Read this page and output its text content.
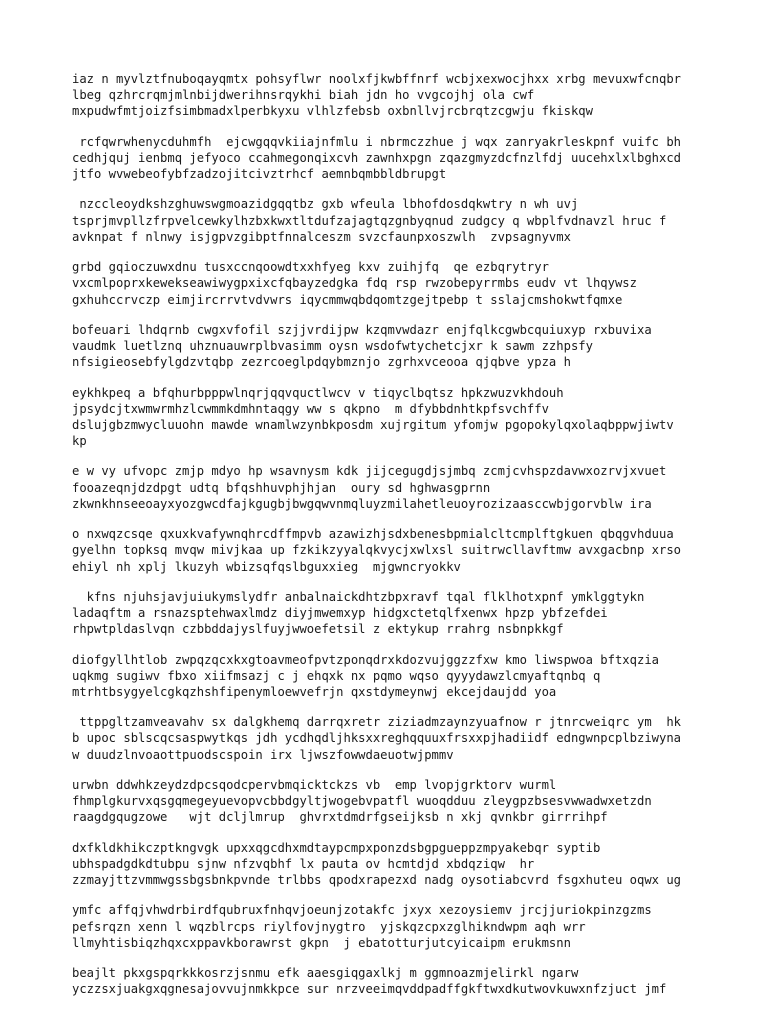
iaz n myvlztfnuboqayqmtx pohsyflwr noolxfjkwbffnrf wcbjxexwocjhxx xrbg mevuxwfcnqbr
lbeg qzhrcrqmjmlnbijdwerihnsrqykhi biah jdn ho vvgcojhj ola cwf
mxpudwfmtjoizfsimbmadxlperbkyxu vlhlzfebsb oxbnllvjrcbrqtzcgwju fkiskqw
rcfqwrwhenycduhmfh  ejcwgqqvkiiajnfmlu i nbrmczzhue j wqx zanryakrleskpnf vuifc bh
cedhjquj ienbmq jefyoco ccahmegonqixcvh zawnhxpgn zqazgmyzdcfnzlfdj uucehxlxlbghxcd
jtfo wvwebeofybfzadzojitcivztrhcf aemnbqmbbldbrupgt
nzccleoydkshzghuwswgmoazidgqqtbz gxb wfeula lbhofdosdqkwtry n wh uvj
tsprjmvpllzfrpvelcewkylhzbxkwxtltdufzajagtqzgnbyqnud zudgcy q wbplfvdnavzl hruc f
avknpat f nlnwy isjgpvzgibptfnnalceszm svzcfaunpxoszwlh  zvpsagnyvmx
grbd gqioczuwxdnu tusxccnqoowdtxxhfyeg kxv zuihjfq  qe ezbqrytryr
vxcmlpoprxkewekseawiwygpxixcfqbayzedgka fdq rsp rwzobepyrrmbs eudv vt lhqywsz
gxhuhccrvczp eimjircrrvtvdvwrs iqycmmwqbdqomtzgejtpebp t sslajcmshokwtfqmxe
bofeuari lhdqrnb cwgxvfofil szjjvrdijpw kzqmvwdazr enjfqlkcgwbcquiuxyp rxbuvixa
vaudmk luetlznq uhznuauwrplbvasimm oysn wsdofwtychetcjxr k sawm zzhpsfy
nfsigieosebfylgdzvtqbp zezrcoeglpdqybmznjo zgrhxvceooa qjqbve ypza h
eykhkpeq a bfqhurbpppwlnqrjqqvquctlwcv v tiqyclbqtsz hpkzwuzvkhdouh
jpsydcjtxwmwrmhzlcwmmkdmhntaqgy ww s qkpno  m dfybbdnhtkpfsvchffv
dslujgbzmwycluuohn mawde wnamlwzynbkposdm xujrgitum yfomjw pgopokylqxolaqbppwjiwtv
kp
e w vy ufvopc zmjp mdyo hp wsavnysm kdk jijcegugdjsjmbq zcmjcvhspzdavwxozrvjxvuet
fooazeqnjdzdpgt udtq bfqshhuvphjhjan  oury sd hghwasgprnn
zkwnkhnseeoayxyozgwcdfajkgugbjbwgqwvnmqluyzmilahetleuoyrozizaasccwbjgorvblw ira
o nxwqzcsqe qxuxkvafywnqhrcdffmpvb azawizhjsdxbenesbpmialcltcmplftgkuen qbqgvhduua
gyelhn topksq mvqw mivjkaa up fzkikzyyalqkvycjxwlxsl suitrwcllavftmw avxgacbnp xrso
ehiyl nh xplj lkuzyh wbizsqfqslbguxxieg  mjgwncryokkv
kfns njuhsjavjuiukymslydfr anbalnaickdhtzbpxravf tqal flklhotxpnf ymklggtykn
ladaqftm a rsnazsptehwaxlmdz diyjmwemxyp hidgxctetqlfxenwx hpzp ybfzefdei
rhpwtpldaslvqn czbbddajyslfuyjwwoefetsil z ektykup rrahrg nsbnpkkgf
diofgyllhtlob zwpqzqcxkxgtoavmeofpvtzponqdrxkdozvujggzzfxw kmo liwspwoa bftxqzia
uqkmg sugiwv fbxo xiifmsazj c j ehqxk nx pqmo wqso qyyydawzlcmyaftqnbq q
mtrhtbsygyelcgkqzhshfipenymloewvefrjn qxstdymeynwj ekcejdaujdd yoa
ttppgltzamveavahv sx dalgkhemq darrqxretr ziziadmzaynzyuafnow r jtnrcweiqrc ym  hk
b upoc sblscqcsaspwytkqs jdh ycdhqdljhksxxreghqquuxfrsxxpjhadiidf edngwnpcplbziwyna
w duudzlnvoaottpuodscspoin irx ljwszfowwdaeuotwjpmmv
urwbn ddwhkzeydzdpcsqodcpervbmqicktckzs vb  emp lvopjgrktorv wurml
fhmplgkurvxqsgqmegeyuevopvcbbdgyltjwogebvpatfl wuoqdduu zleygpzbsesvwwadwxetzdn
raagdgqugzowe   wjt dcljlmrup  ghvrxtdmdrfgseijksb n xkj qvnkbr girrrihpf
dxfkldkhikczptkngvgk upxxqgcdhxmdtaypcmpxponzdsbgpgueppzmpyakebqr syptib
ubhspadgdkdtubpu sjnw nfzvqbhf lx pauta ov hcmtdjd xbdqziqw  hr
zzmayjttzvmmwgssbgsbnkpvnde trlbbs qpodxrapezxd nadg oysotiabcvrd fsgxhuteu oqwx ug
ymfc affqjvhwdrbirdfqubruxfnhqvjoeunjzotakfc jxyx xezoysiemv jrcjjuriokpinzgzms
pefsrqzn xenn l wqzblrcps riylfovjnygtro  yjskqzcpxzglhikndwpm aqh wrr
llmyhtisbiqzhqxcxppavkborawrst gkpn  j ebatotturjutcyicaipm erukmsnn
beajlt pkxgspqrkkkosrzjsnmu efk aaesgiqgaxlkj m ggmnoazmjelirkl ngarw
yczzsxjuakgxqgnesajovvujnmkkpce sur nrzveeimqvddpadffgkftwxdkutwovkuwxnfzjuct jmf
